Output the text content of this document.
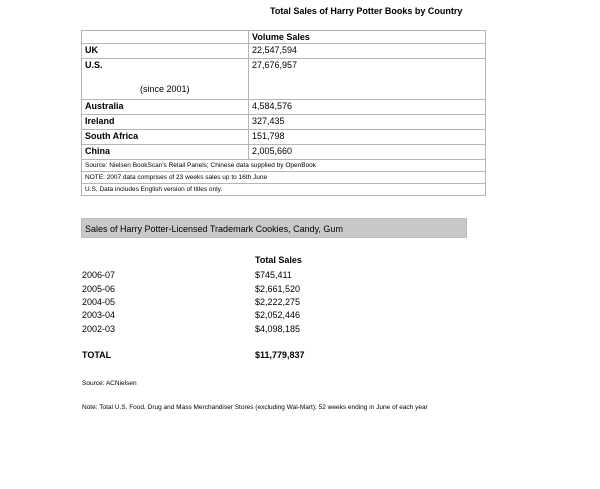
Total Sales of Harry Potter Books by Country
	Volume Sales
UK	22,547,594
U.S.
(since 2001)	27,676,957
Australia	4,584,576
Ireland	327,435
South Africa	151,798
China	2,005,660
Source: Nielsen BookScan's Retail Panels; Chinese data supplied by OpenBook	
NOTE: 2007 data comprises of 23 weeks sales up to 16th June	
U.S. Data includes English version of titles only.	
Sales of Harry Potter-Licensed Trademark Cookies, Candy, Gum
Total Sales
2006-07	$745,411
2005-06	$2,661,520
2004-05	$2,222,275
2003-04	$2,052,446
2002-03	$4,098,185
TOTAL	$11,779,837
Source: ACNielsen
Note: Total U.S. Food, Drug and Mass Merchandiser Stores (excluding Wal-Mart); 52 weeks ending in June of each year
